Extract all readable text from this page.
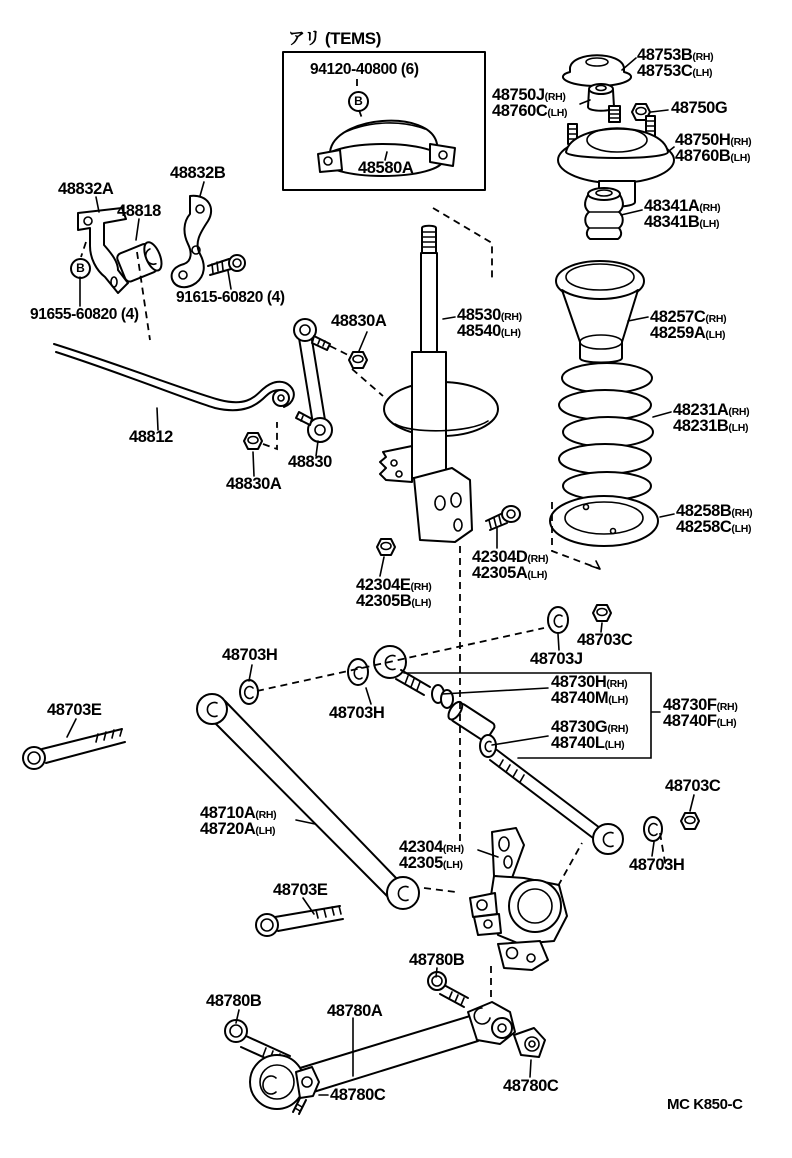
アリ (TEMS)
94120-40800 (6)
48580A
48753B(RH)
48753C(LH)
48750J(RH)
48760C(LH)	48750G
48750H(RH)
48760B(LH)
48341A(RH)
48341B(LH)
48257C(RH)
48259A(LH)
48231A(RH)
48231B(LH)
48258B(RH)
48258C(LH)
48832A
48832B
48818
91655-60820 (4)
91615-60820 (4)
48830A	48530(RH)
48540(LH)
48812
48830
48830A
42304D(RH)
42305A(LH)
42304E(RH)
42305B(LH)
48703C
48703J
48703H
48703E	48703H
48730H(RH)
48740M(LH)
48730G(RH)
48740L(LH)
48730F(RH)
48740F(LH)
48710A(RH)
48720A(LH)
42304(RH)
42305(LH)
48703C
48703H
48703E
48780B
48780B
48780A
48780C	48780C
MC K850-C
B
B
